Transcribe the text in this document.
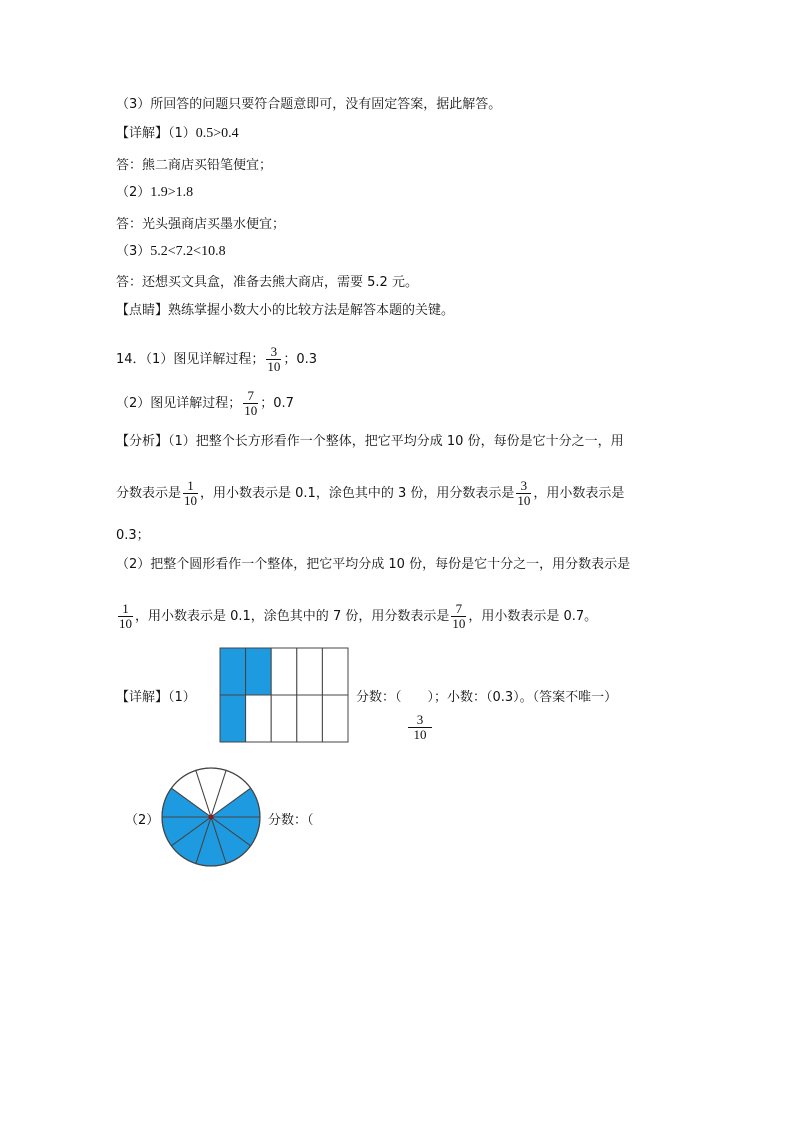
（3）所回答的问题只要符合题意即可，没有固定答案，据此解答。
【详解】（1）0.5>0.4
答：熊二商店买铅笔便宜；
（2）1.9>1.8
答：光头强商店买墨水便宜；
（3）5.2<7.2<10.8
答：还想买文具盒，准备去熊大商店，需要 5.2 元。
【点睛】熟练掌握小数大小的比较方法是解答本题的关键。
14．（1）图见详解过程； $\frac{3}{10}$ ；0.3
（2）图见详解过程； $\frac{7}{10}$ ；0.7
【分析】（1）把整个长方形看作一个整体，把它平均分成 10 份，每份是它十分之一，用
分数表示是 $\frac{1}{10}$ ，用小数表示是 0.1，涂色其中的 3 份，用分数表示是 $\frac{3}{10}$ ，用小数表示是
0.3；
（2）把整个圆形看作一个整体，把它平均分成 10 份，每份是它十分之一，用分数表示是
$\frac{1}{10}$ ，用小数表示是 0.1，涂色其中的 7 份，用分数表示是 $\frac{7}{10}$ ，用小数表示是 0.7。
【详解】（1）	分数：（　　）；小数：（0.3）。（答案不唯一）
$\frac{3}{10}$
（2）	分数：（
